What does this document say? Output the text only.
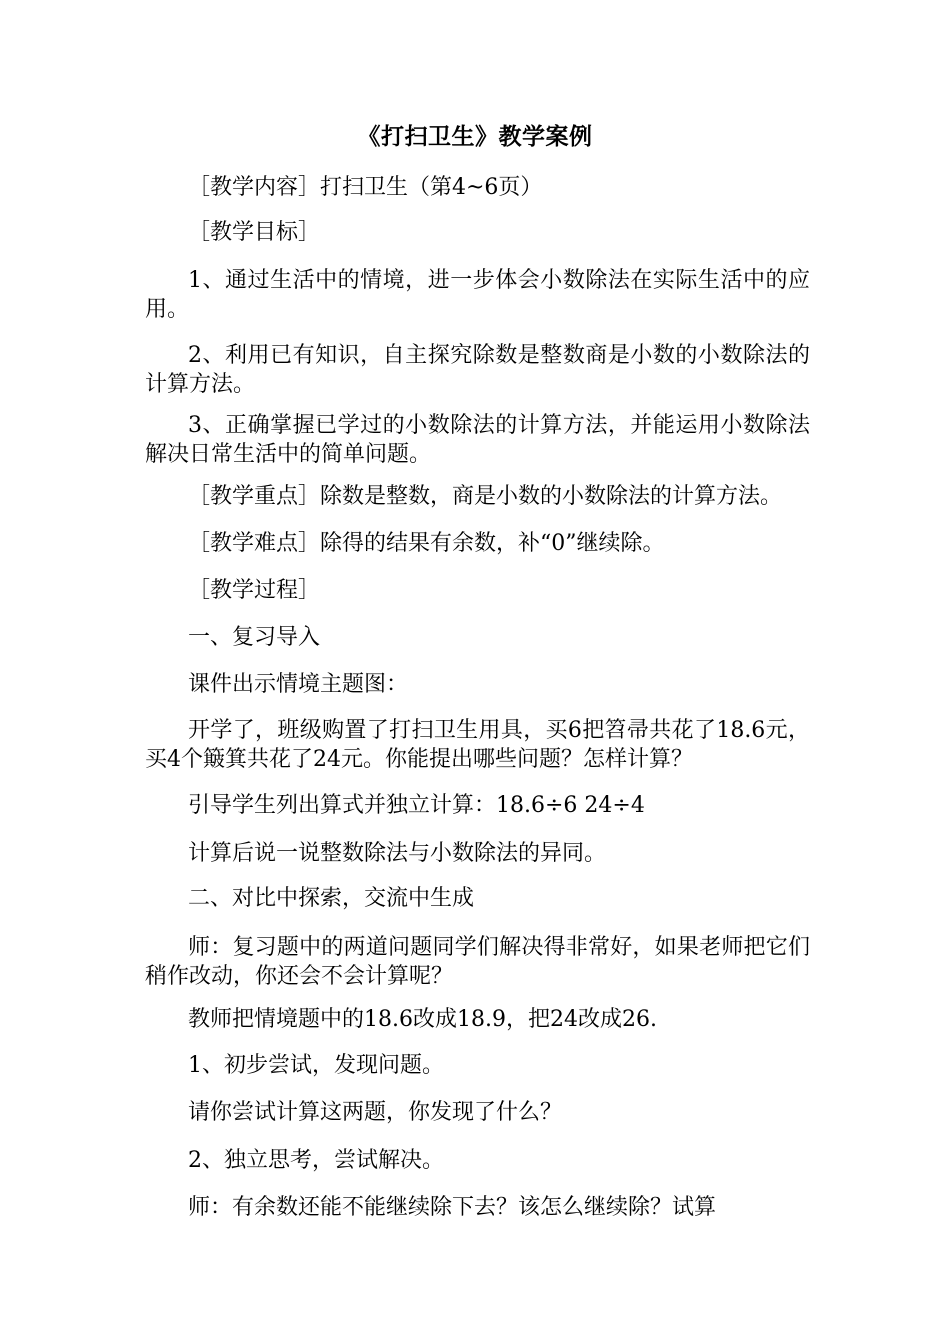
《打扫卫生》教学案例

［教学内容］打扫卫生（第4~6页）

［教学目标］

1、通过生活中的情境，进一步体会小数除法在实际生活中的应用。

2、利用已有知识，自主探究除数是整数商是小数的小数除法的计算方法。

3、正确掌握已学过的小数除法的计算方法，并能运用小数除法解决日常生活中的简单问题。

［教学重点］除数是整数，商是小数的小数除法的计算方法。

［教学难点］除得的结果有余数，补“0”继续除。

［教学过程］

一、复习导入

课件出示情境主题图：

开学了，班级购置了打扫卫生用具，买6把笤帚共花了18.6元，买4个簸箕共花了24元。你能提出哪些问题？怎样计算？

引导学生列出算式并独立计算：18.6÷6 24÷4

计算后说一说整数除法与小数除法的异同。

二、对比中探索，交流中生成

师：复习题中的两道问题同学们解决得非常好，如果老师把它们稍作改动，你还会不会计算呢？

教师把情境题中的18.6改成18.9，把24改成26.

1、初步尝试，发现问题。

请你尝试计算这两题，你发现了什么？

2、独立思考，尝试解决。

师：有余数还能不能继续除下去？该怎么继续除？试算
